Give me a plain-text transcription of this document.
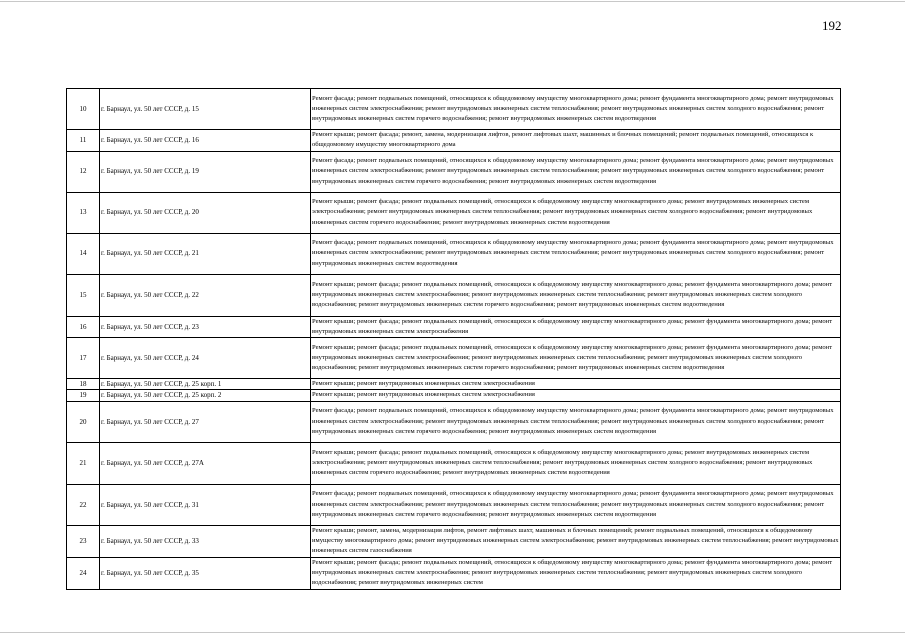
192
10	г. Барнаул, ул. 50 лет СССР, д. 15	Ремонт фасада; ремонт подвальных помещений, относящихся к общедомовому имуществу многоквартирного дома; ремонт фундамента многоквартирного дома; ремонт внутридомовых инженерных систем электроснабжения; ремонт внутридомовых инженерных систем теплоснабжения; ремонт внутридомовых инженерных систем холодного водоснабжения; ремонт внутридомовых инженерных систем горячего водоснабжения; ремонт внутридомовых инженерных систем водоотведения
11	г. Барнаул, ул. 50 лет СССР, д. 16	Ремонт крыши; ремонт фасада; ремонт, замена, модернизация лифтов, ремонт лифтовых шахт, машинных и блочных помещений; ремонт подвальных помещений, относящихся к общедомовому имуществу многоквартирного дома
12	г. Барнаул, ул. 50 лет СССР, д. 19	Ремонт фасада; ремонт подвальных помещений, относящихся к общедомовому имуществу многоквартирного дома; ремонт фундамента многоквартирного дома; ремонт внутридомовых инженерных систем электроснабжения; ремонт внутридомовых инженерных систем теплоснабжения; ремонт внутридомовых инженерных систем холодного водоснабжения; ремонт внутридомовых инженерных систем горячего водоснабжения; ремонт внутридомовых инженерных систем водоотведения
13	г. Барнаул, ул. 50 лет СССР, д. 20	Ремонт крыши; ремонт фасада; ремонт подвальных помещений, относящихся к общедомовому имуществу многоквартирного дома; ремонт внутридомовых инженерных систем электроснабжения; ремонт внутридомовых инженерных систем теплоснабжения; ремонт внутридомовых инженерных систем холодного водоснабжения; ремонт внутридомовых инженерных систем горячего водоснабжения; ремонт внутридомовых инженерных систем водоотведения
14	г. Барнаул, ул. 50 лет СССР, д. 21	Ремонт фасада; ремонт подвальных помещений, относящихся к общедомовому имуществу многоквартирного дома; ремонт фундамента многоквартирного дома; ремонт внутридомовых инженерных систем электроснабжения; ремонт внутридомовых инженерных систем теплоснабжения; ремонт внутридомовых инженерных систем холодного водоснабжения; ремонт внутридомовых инженерных систем водоотведения
15	г. Барнаул, ул. 50 лет СССР, д. 22	Ремонт крыши; ремонт фасада; ремонт подвальных помещений, относящихся к общедомовому имуществу многоквартирного дома; ремонт фундамента многоквартирного дома; ремонт внутридомовых инженерных систем электроснабжения; ремонт внутридомовых инженерных систем теплоснабжения; ремонт внутридомовых инженерных систем холодного водоснабжения; ремонт внутридомовых инженерных систем горячего водоснабжения; ремонт внутридомовых инженерных систем водоотведения
16	г. Барнаул, ул. 50 лет СССР, д. 23	Ремонт крыши; ремонт фасада; ремонт подвальных помещений, относящихся к общедомовому имуществу многоквартирного дома; ремонт фундамента многоквартирного дома; ремонт внутридомовых инженерных систем электроснабжения
17	г. Барнаул, ул. 50 лет СССР, д. 24	Ремонт крыши; ремонт фасада; ремонт подвальных помещений, относящихся к общедомовому имуществу многоквартирного дома; ремонт фундамента многоквартирного дома; ремонт внутридомовых инженерных систем электроснабжения; ремонт внутридомовых инженерных систем теплоснабжения; ремонт внутридомовых инженерных систем холодного водоснабжения; ремонт внутридомовых инженерных систем горячего водоснабжения; ремонт внутридомовых инженерных систем водоотведения
18	г. Барнаул, ул. 50 лет СССР, д. 25 корп. 1	Ремонт крыши; ремонт внутридомовых инженерных систем электроснабжения
19	г. Барнаул, ул. 50 лет СССР, д. 25 корп. 2	Ремонт крыши; ремонт внутридомовых инженерных систем электроснабжения
20	г. Барнаул, ул. 50 лет СССР, д. 27	Ремонт фасада; ремонт подвальных помещений, относящихся к общедомовому имуществу многоквартирного дома; ремонт фундамента многоквартирного дома; ремонт внутридомовых инженерных систем электроснабжения; ремонт внутридомовых инженерных систем теплоснабжения; ремонт внутридомовых инженерных систем холодного водоснабжения; ремонт внутридомовых инженерных систем горячего водоснабжения; ремонт внутридомовых инженерных систем водоотведения
21	г. Барнаул, ул. 50 лет СССР, д. 27А	Ремонт крыши; ремонт фасада; ремонт подвальных помещений, относящихся к общедомовому имуществу многоквартирного дома; ремонт внутридомовых инженерных систем электроснабжения; ремонт внутридомовых инженерных систем теплоснабжения; ремонт внутридомовых инженерных систем холодного водоснабжения; ремонт внутридомовых инженерных систем горячего водоснабжения; ремонт внутридомовых инженерных систем водоотведения
22	г. Барнаул, ул. 50 лет СССР, д. 31	Ремонт фасада; ремонт подвальных помещений, относящихся к общедомовому имуществу многоквартирного дома; ремонт фундамента многоквартирного дома; ремонт внутридомовых инженерных систем электроснабжения; ремонт внутридомовых инженерных систем теплоснабжения; ремонт внутридомовых инженерных систем холодного водоснабжения; ремонт внутридомовых инженерных систем горячего водоснабжения; ремонт внутридомовых инженерных систем водоотведения
23	г. Барнаул, ул. 50 лет СССР, д. 33	Ремонт крыши; ремонт, замена, модернизация лифтов, ремонт лифтовых шахт, машинных и блочных помещений; ремонт подвальных помещений, относящихся к общедомовому имуществу многоквартирного дома; ремонт внутридомовых инженерных систем электроснабжения; ремонт внутридомовых инженерных систем теплоснабжения; ремонт внутридомовых инженерных систем газоснабжения
24	г. Барнаул, ул. 50 лет СССР, д. 35	Ремонт крыши; ремонт фасада; ремонт подвальных помещений, относящихся к общедомовому имуществу многоквартирного дома; ремонт фундамента многоквартирного дома; ремонт внутридомовых инженерных систем электроснабжения; ремонт внутридомовых инженерных систем теплоснабжения; ремонт внутридомовых инженерных систем холодного водоснабжения; ремонт внутридомовых инженерных систем
